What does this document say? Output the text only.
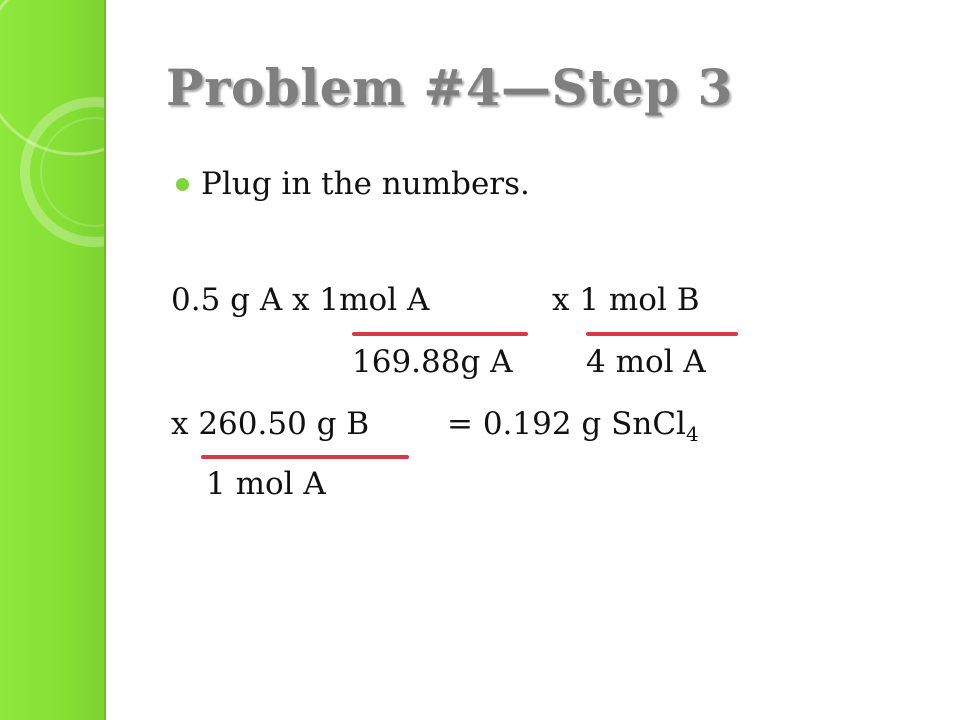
Problem #4—Step 3
Plug in the numbers.

0.5 g A x 1mol A	x 1 mol B

169.88g A 4 mol A

x 260.50 g B	= 0.192 g SnCl$_4$

1 mol A
